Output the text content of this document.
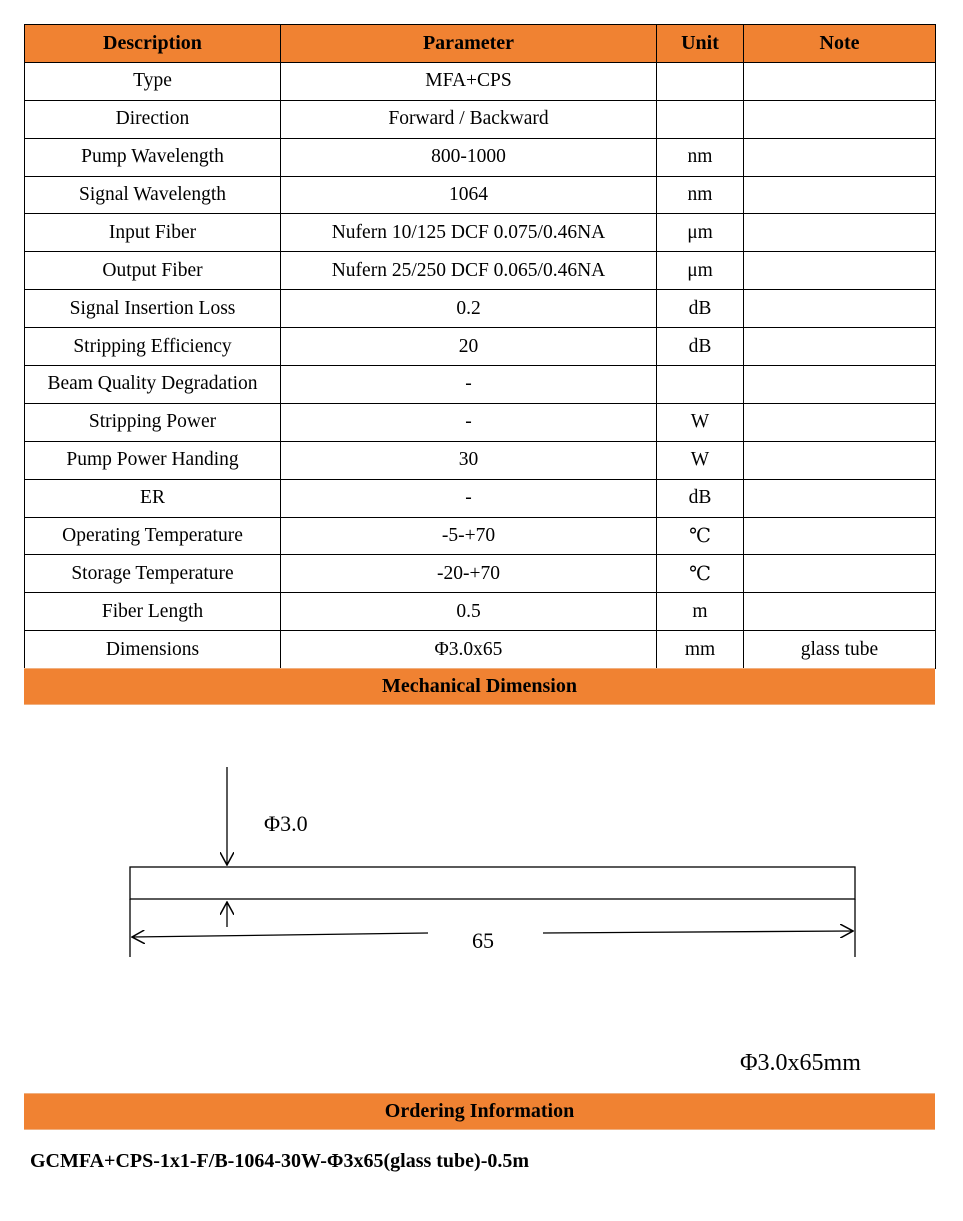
Description	Parameter	Unit	Note
Type	MFA+CPS		
Direction	Forward / Backward		
Pump Wavelength	800-1000	nm	
Signal Wavelength	1064	nm	
Input Fiber	Nufern 10/125 DCF 0.075/0.46NA	μm	
Output Fiber	Nufern 25/250 DCF 0.065/0.46NA	μm	
Signal Insertion Loss	0.2	dB	
Stripping Efficiency	20	dB	
Beam Quality Degradation	-		
Stripping Power	-	W	
Pump Power Handing	30	W	
ER	-	dB	
Operating Temperature	-5-+70	℃	
Storage Temperature	-20-+70	℃	
Fiber Length	0.5	m	
Dimensions	Φ3.0x65	mm	glass tube
Mechanical Dimension
Φ3.0
65
Φ3.0x65mm
Ordering Information
GCMFA+CPS-1x1-F/B-1064-30W-Φ3x65(glass tube)-0.5m
